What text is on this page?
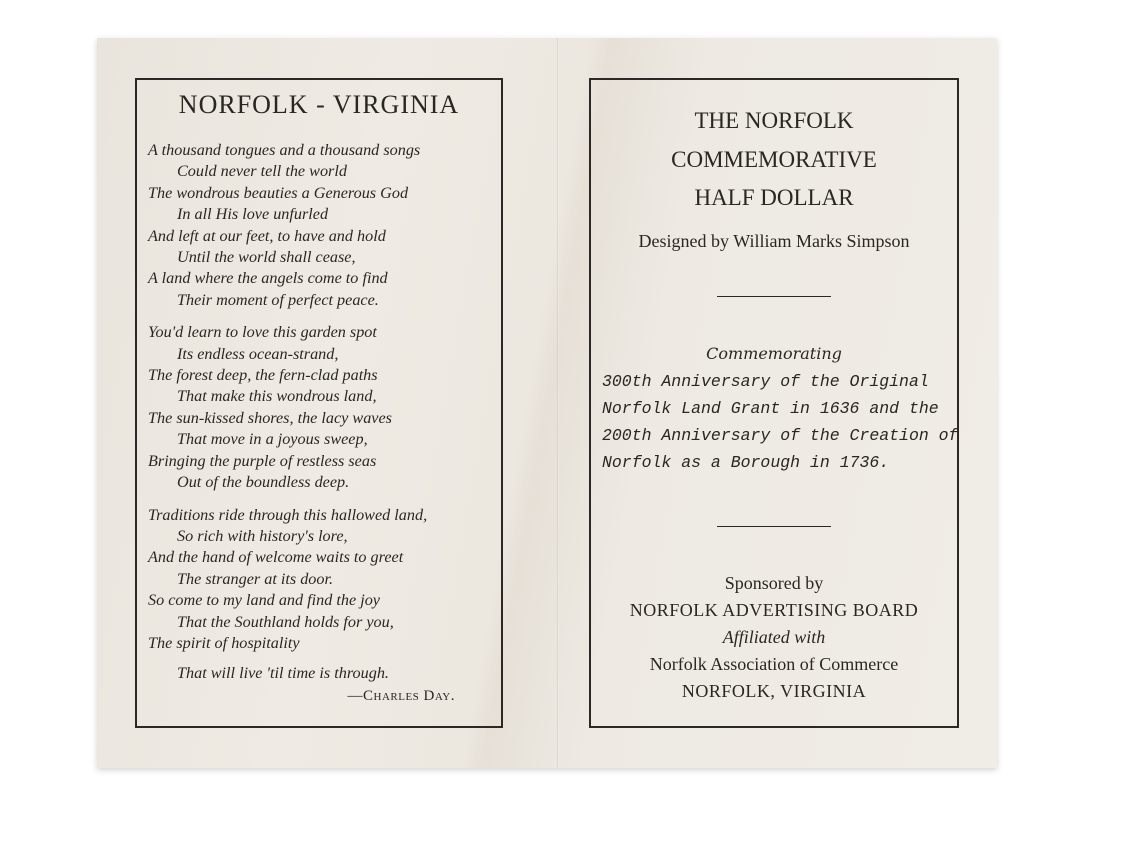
NORFOLK - VIRGINIA
A thousand tongues and a thousand songs
Could never tell the world
The wondrous beauties a Generous God
In all His love unfurled
And left at our feet, to have and hold
Until the world shall cease,
A land where the angels come to find
Their moment of perfect peace.
You'd learn to love this garden spot
Its endless ocean-strand,
The forest deep, the fern-clad paths
That make this wondrous land,
The sun-kissed shores, the lacy waves
That move in a joyous sweep,
Bringing the purple of restless seas
Out of the boundless deep.
Traditions ride through this hallowed land,
So rich with history's lore,
And the hand of welcome waits to greet
The stranger at its door.
So come to my land and find the joy
That the Southland holds for you,
The spirit of hospitality
That will live 'til time is through.
—Charles Day.
THE NORFOLK
COMMEMORATIVE
HALF DOLLAR
Designed by William Marks Simpson
Commemorating
300th Anniversary of the Original
Norfolk Land Grant in 1636 and the
200th Anniversary of the Creation of
Norfolk as a Borough in 1736.
Sponsored by
NORFOLK ADVERTISING BOARD
Affiliated with
Norfolk Association of Commerce
NORFOLK, VIRGINIA
